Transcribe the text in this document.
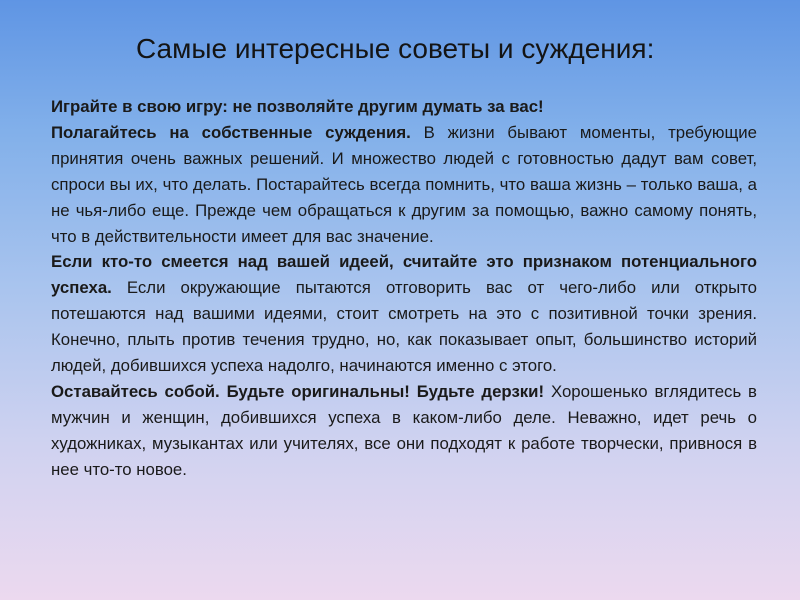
Самые интересные советы и суждения:

Играйте в свою игру: не позволяйте другим думать за вас!

Полагайтесь на собственные суждения. В жизни бывают моменты, требующие принятия очень важных решений. И множество людей с готовностью дадут вам совет, спроси вы их, что делать. Постарайтесь всегда помнить, что ваша жизнь – только ваша, а не чья-либо еще. Прежде чем обращаться к другим за помощью, важно самому понять, что в действительности имеет для вас значение.

Если кто-то смеется над вашей идеей, считайте это признаком потенциального успеха. Если окружающие пытаются отговорить вас от чего-либо или открыто потешаются над вашими идеями, стоит смотреть на это с позитивной точки зрения. Конечно, плыть против течения трудно, но, как показывает опыт, большинство историй людей, добившихся успеха надолго, начинаются именно с этого.

Оставайтесь собой. Будьте оригинальны! Будьте дерзки! Хорошенько вглядитесь в мужчин и женщин, добившихся успеха в каком-либо деле. Неважно, идет речь о художниках, музыкантах или учителях, все они подходят к работе творчески, привнося в нее что-то новое.
